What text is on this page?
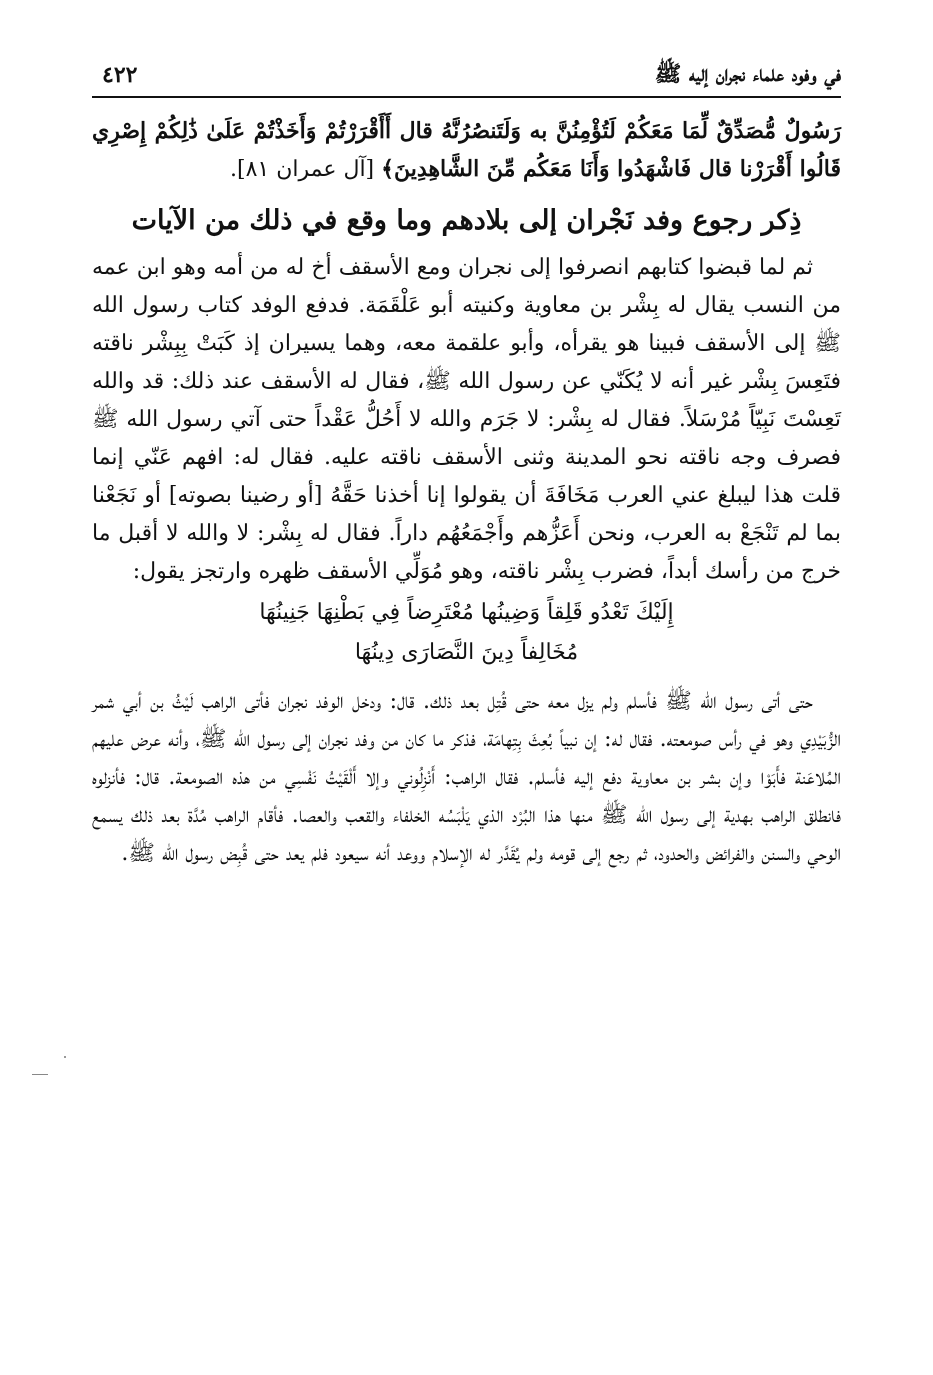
في وفود علماء نجران إليه ﷺ
٤٢٢

رَسُولٌ مُّصَدِّقٌ لِّمَا مَعَكُمْ لَتُؤْمِنُنَّ به وَلَتَنصُرُنَّهُ قال أَأَقْرَرْتُمْ وَأَخَذْتُمْ عَلَىٰ ذَٰلِكُمْ إِصْرِي قَالُوا أَقْرَرْنا قال فَاشْهَدُوا وَأَنَا مَعَكُم مِّنَ الشَّاهِدِينَ﴾ [آل عمران ٨١].

ذِكر رجوع وفد نَجْران إلى بلادهم وما وقع في ذلك من الآيات

ثم لما قبضوا كتابهم انصرفوا إلى نجران ومع الأسقف أخ له من أمه وهو ابن عمه من النسب يقال له بِشْر بن معاوية وكنيته أبو عَلْقَمَة. فدفع الوفد كتاب رسول الله ﷺ إلى الأسقف فبينا هو يقرأه، وأبو علقمة معه، وهما يسيران إذ كَبَتْ بِبِشْر ناقته فتَعِسَ بِشْر غير أنه لا يُكَنّي عن رسول الله ﷺ، فقال له الأسقف عند ذلك: قد والله تَعِسْتَ نَبِيّاً مُرْسَلاً. فقال له بِشْر: لا جَرَم والله لا أَحُلُّ عَقْداً حتى آتي رسول الله ﷺ فصرف وجه ناقته نحو المدينة وثنى الأسقف ناقته عليه. فقال له: افهم عَنّي إنما قلت هذا ليبلغ عني العرب مَخَافَةَ أن يقولوا إنا أخذنا حَقَّهُ [أو رضينا بصوته] أو نَجَعْنا بما لم تَنْجَعْ به العرب، ونحن أَعَزُّهم وأَجْمَعُهُم داراً. فقال له بِشْر: لا والله لا أقبل ما خرج من رأسك أبداً، فضرب بِشْر ناقته، وهو مُوَلِّي الأسقف ظهره وارتجز يقول:

إِلَيْكَ تَعْدُو قَلِقاً وَضِينُها مُعْتَرِضاً فِي بَطْنِهَا جَنِينُهَا
مُخَالِفاً دِينَ النَّصَارَى دِينُهَا

حتى أتى رسول الله ﷺ فأسلم ولم يزل معه حتى قُتِل بعد ذلك. قال: ودخل الوفد نجران فأتى الراهب لَيْثُ بن أبي شمر الزُّبَيْدِي وهو في رأس صومعته. فقال له: إن نبياً بُعِثَ بِتِهامَة، فذكر ما كان من وفد نجران إلى رسول الله ﷺ، وأنه عرض عليهم المُلاعَنة فأَبَوْا وإن بشر بن معاوية دفع إليه فأسلم. فقال الراهب: أَنْزِلُوني وإلا أَلْقَيْتُ نَفْسِي من هذه الصومعة. قال: فأنزلوه فانطلق الراهب بهدية إلى رسول الله ﷺ منها هذا البُرْد الذي يَلْبَسُه الخلفاء والقعب والعصا. فأقام الراهب مُدَّة بعد ذلك يسمع الوحي والسنن والفرائض والحدود، ثم رجع إلى قومه ولم يُقَدَّر له الإسلام ووعد أنه سيعود فلم يعد حتى قُبِض رسول الله ﷺ.
